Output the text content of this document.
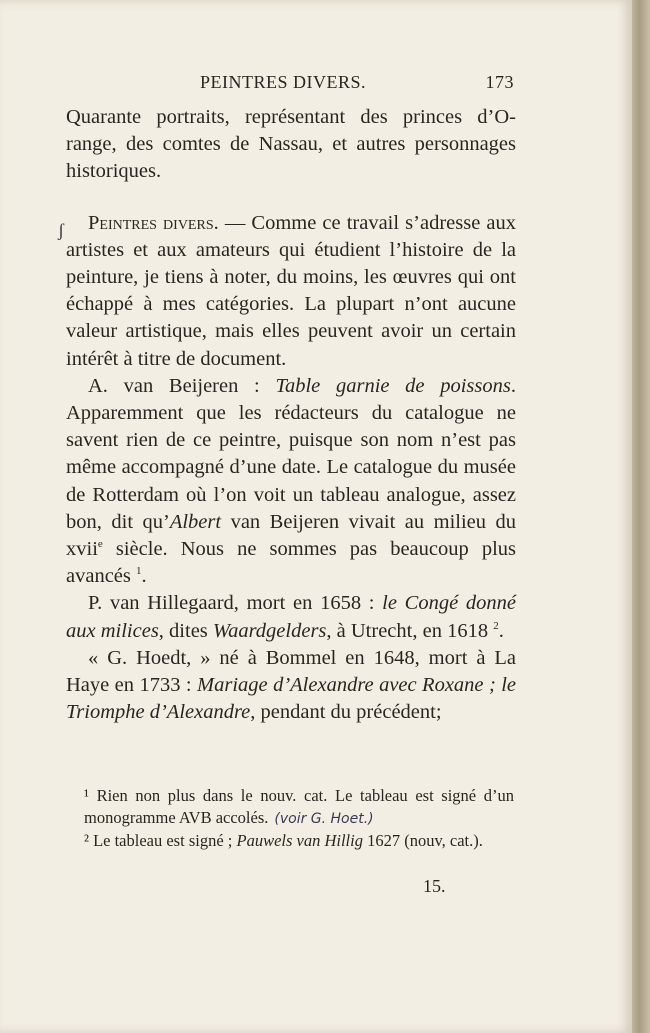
PEINTRES DIVERS.	173
ʃ

Quarante portraits, représentant des princes d’O-range, des comtes de Nassau, et autres personnages historiques.

Peintres divers. — Comme ce travail s’adresse aux artistes et aux amateurs qui étudient l’histoire de la peinture, je tiens à noter, du moins, les œuvres qui ont échappé à mes catégories. La plupart n’ont aucune valeur artistique, mais elles peuvent avoir un certain intérêt à titre de document.

A. van Beijeren : Table garnie de poissons. Apparemment que les rédacteurs du catalogue ne savent rien de ce peintre, puisque son nom n’est pas même accompagné d’une date. Le catalogue du musée de Rotterdam où l’on voit un tableau analogue, assez bon, dit qu’Albert van Beijeren vivait au milieu du xvii$^e$ siècle. Nous ne sommes pas beaucoup plus avancés $^1$.

P. van Hillegaard, mort en 1658 : le Congé donné aux milices, dites Waardgelders, à Utrecht, en 1618 $^2$.

« G. Hoedt, » né à Bommel en 1648, mort à La Haye en 1733 : Mariage d’Alexandre avec Roxane ; le Triomphe d’Alexandre, pendant du précédent;

¹ Rien non plus dans le nouv. cat. Le tableau est signé d’un monogramme AVB accolés. (voir G. Hoet.)

² Le tableau est signé ; Pauwels van Hillig 1627 (nouv, cat.).

15.
